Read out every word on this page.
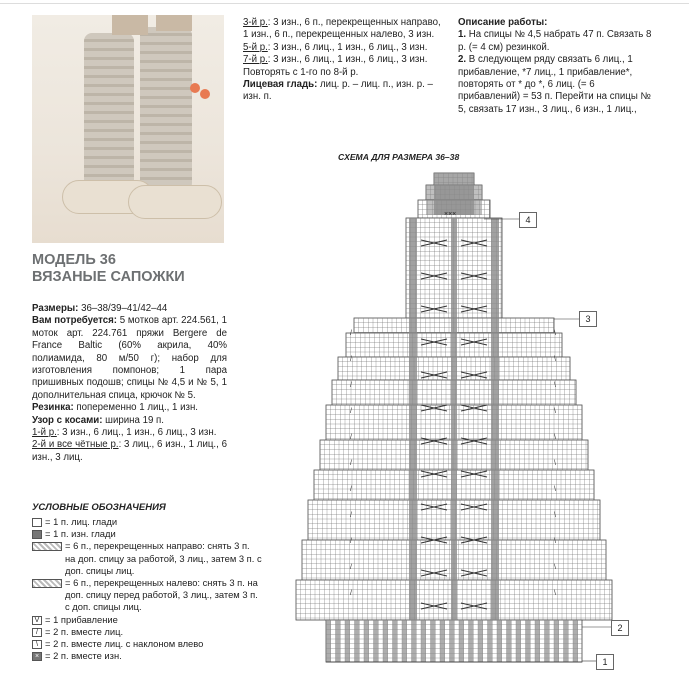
МОДЕЛЬ 36
ВЯЗАНЫЕ САПОЖКИ
Размеры: 36–38/39–41/42–44
Вам потребуется: 5 мотков арт. 224.561, 1 моток арт. 224.761 пряжи Bergere de France Baltic (60% акрила, 40% полиамида, 80 м/50 г); набор для изготовления помпонов; 1 пара пришивных подошв; спицы № 4,5 и № 5, 1 дополнительная спица, крючок № 5.
Резинка: попеременно 1 лиц., 1 изн.
Узор с косами: ширина 19 п.
1-й р.: 3 изн., 6 лиц., 1 изн., 6 лиц., 3 изн.
2-й и все чётные р.: 3 лиц., 6 изн., 1 лиц., 6 изн., 3 лиц.
3-й р.: 3 изн., 6 п., перекрещенных направо, 1 изн., 6 п., перекрещенных налево, 3 изн.
5-й р.: 3 изн., 6 лиц., 1 изн., 6 лиц., 3 изн.
7-й р.: 3 изн., 6 лиц., 1 изн., 6 лиц., 3 изн.
Повторять с 1-го по 8-й р.
Лицевая гладь: лиц. р. – лиц. п., изн. р. – изн. п.
Описание работы:
1. На спицы № 4,5 набрать 47 п. Связать 8 р. (= 4 см) резинкой.
2. В следующем ряду связать 6 лиц., 1 прибавление, *7 лиц., 1 прибавление*, повторять от * до *, 6 лиц. (= 6 прибавлений) = 53 п. Перейти на спицы № 5, связать 17 изн., 3 лиц., 6 изн., 1 лиц.,
УСЛОВНЫЕ ОБОЗНАЧЕНИЯ
= 1 п. лиц. глади
= 1 п. изн. глади
= 6 п., перекрещенных направо: снять 3 п. на доп. спицу за работой, 3 лиц., затем 3 п. с доп. спицы лиц.
= 6 п., перекрещенных налево: снять 3 п. на доп. спицу перед работой, 3 лиц., затем 3 п. с доп. спицы лиц.
V = 1 прибавление
/ = 2 п. вместе лиц.
\ = 2 п. вместе лиц. с наклоном влево
× = 2 п. вместе изн.
СХЕМА ДЛЯ РАЗМЕРА 36–38
/	\
/	\
/	\
/	\
/	\
/	\
/	\
/	\
/	\
/	\
/	\
×××
4
3
2
1
